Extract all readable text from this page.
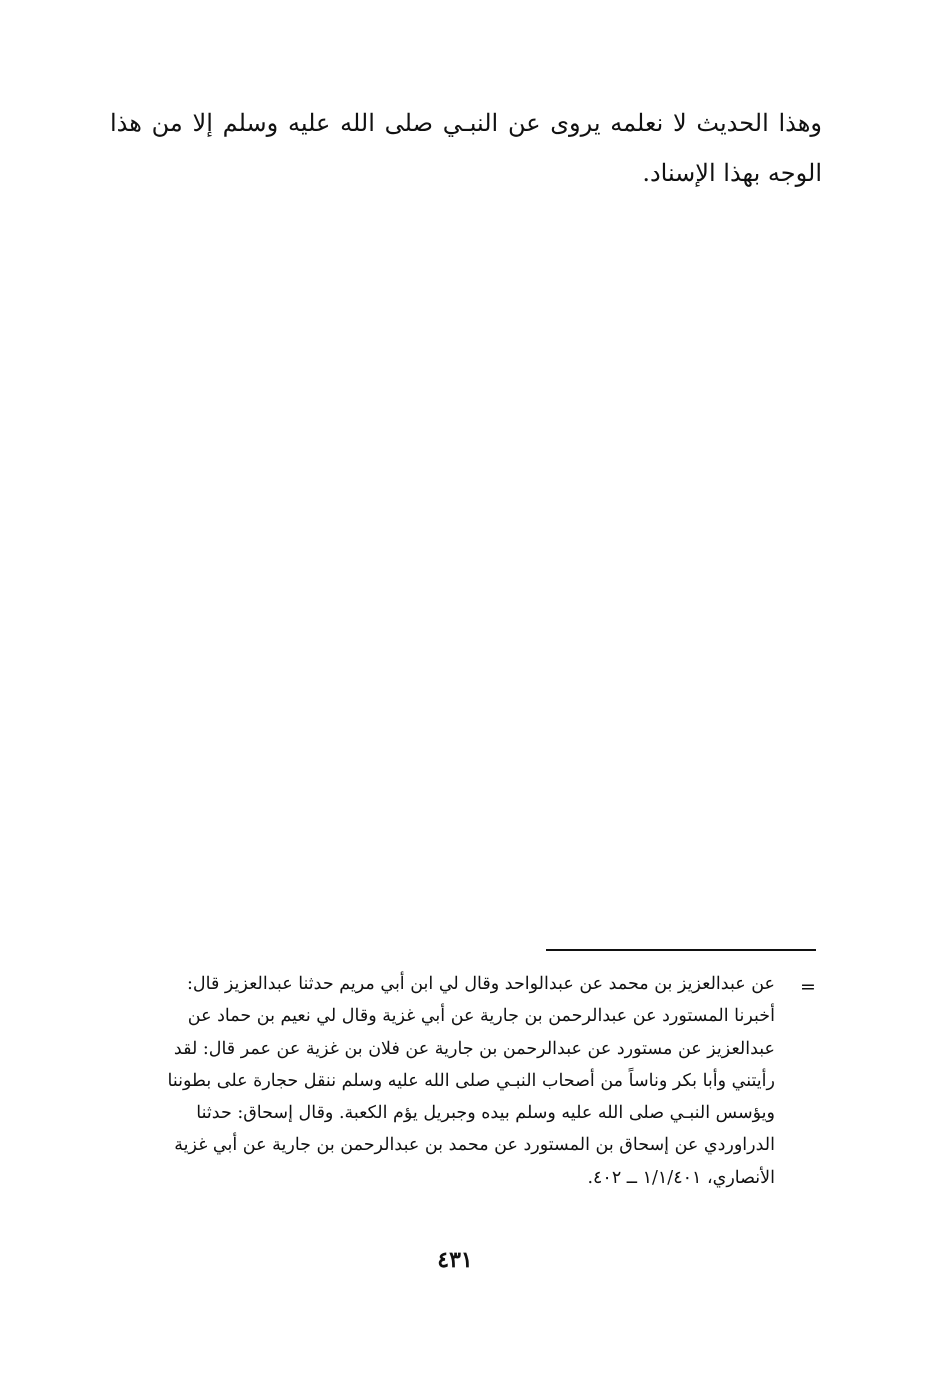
وهذا الحديث لا نعلمه يروى عن النبـي صلى الله عليه وسلم إلا من هذا الوجه بهذا الإسناد.

=
عن عبدالعزيز بن محمد عن عبدالواحد وقال لي ابن أبي مريم حدثنا عبدالعزيز قال:
أخبرنا المستورد عن عبدالرحمن بن جارية عن أبي غزية وقال لي نعيم بن حماد عن
عبدالعزيز عن مستورد عن عبدالرحمن بن جارية عن فلان بن غزية عن عمر قال: لقد
رأيتني وأبا بكر وناساً من أصحاب النبـي صلى الله عليه وسلم ننقل حجارة على بطوننا
ويؤسس النبـي صلى الله عليه وسلم بيده وجبريل يؤم الكعبة. وقال إسحاق: حدثنا
الدراوردي عن إسحاق بن المستورد عن محمد بن عبدالرحمن بن جارية عن أبي غزية
الأنصاري، ١/١/٤٠١ ــ ٤٠٢.
٤٣١
